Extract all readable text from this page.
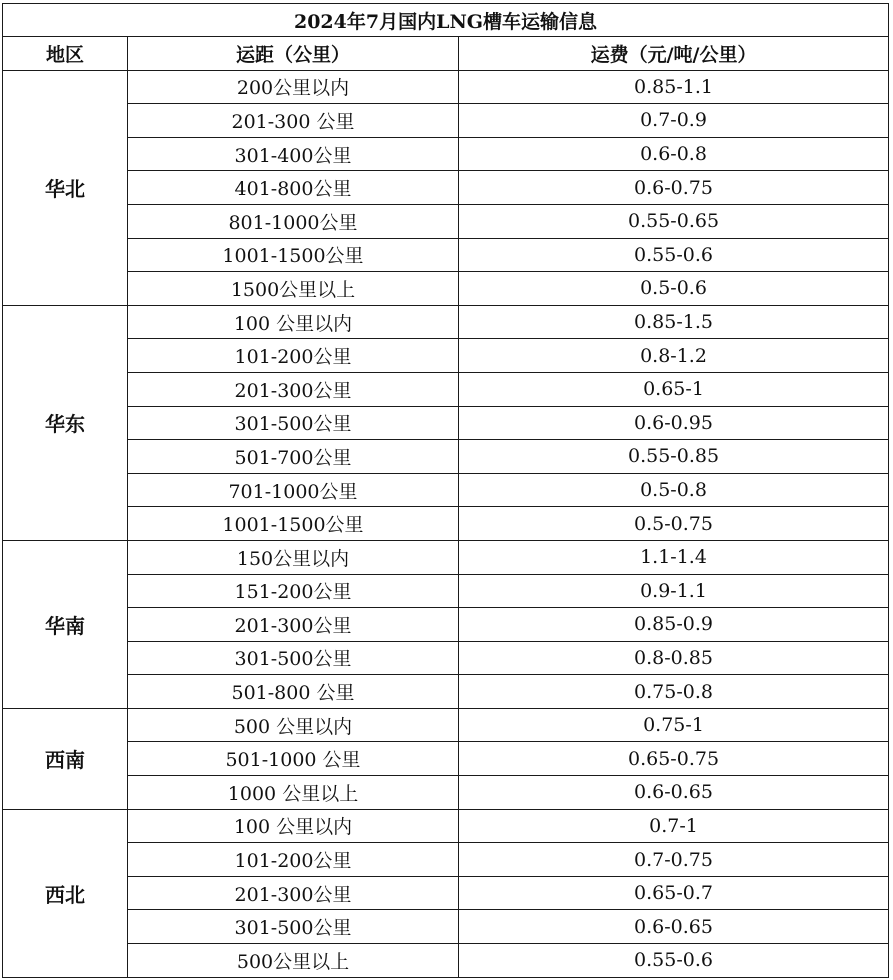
2024年7月国内LNG槽车运输信息		
地区	运距（公里）	运费（元/吨/公里）
华北	200公里以内	0.85-1.1
	201-300 公里	0.7-0.9
	301-400公里	0.6-0.8
	401-800公里	0.6-0.75
	801-1000公里	0.55-0.65
	1001-1500公里	0.55-0.6
	1500公里以上	0.5-0.6
华东	100 公里以内	0.85-1.5
	101-200公里	0.8-1.2
	201-300公里	0.65-1
	301-500公里	0.6-0.95
	501-700公里	0.55-0.85
	701-1000公里	0.5-0.8
	1001-1500公里	0.5-0.75
华南	150公里以内	1.1-1.4
	151-200公里	0.9-1.1
	201-300公里	0.85-0.9
	301-500公里	0.8-0.85
	501-800 公里	0.75-0.8
西南	500 公里以内	0.75-1
	501-1000 公里	0.65-0.75
	1000 公里以上	0.6-0.65
西北	100 公里以内	0.7-1
	101-200公里	0.7-0.75
	201-300公里	0.65-0.7
	301-500公里	0.6-0.65
	500公里以上	0.55-0.6
